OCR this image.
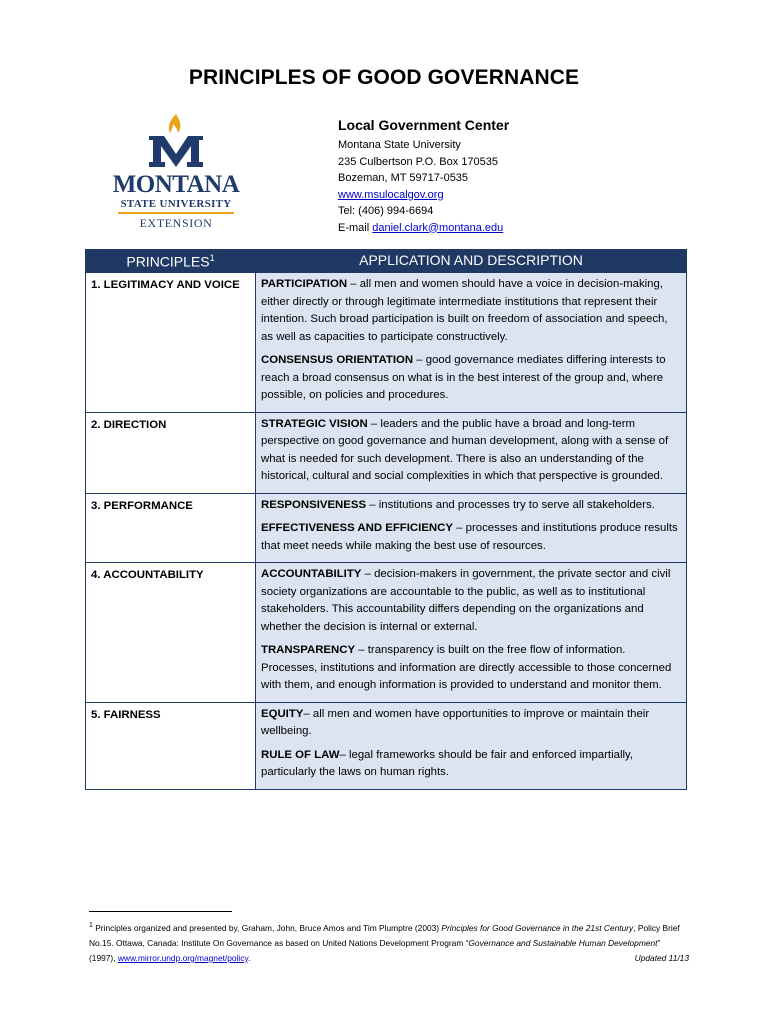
PRINCIPLES OF GOOD GOVERNANCE
MONTANA
STATE UNIVERSITY
EXTENSION
Local Government Center
Montana State University
235 Culbertson P.O. Box 170535
Bozeman, MT 59717-0535
www.msulocalgov.org
Tel: (406) 994-6694
E-mail daniel.clark@montana.edu
PRINCIPLES$^1$	APPLICATION AND DESCRIPTION
1. LEGITIMACY AND VOICE	PARTICIPATION – all men and women should have a voice in decision-making, either directly or through legitimate intermediate institutions that represent their intention. Such broad participation is built on freedom of association and speech, as well as capacities to participate constructively.
CONSENSUS ORIENTATION – good governance mediates differing interests to reach a broad consensus on what is in the best interest of the group and, where possible, on policies and procedures.

2. DIRECTION	STRATEGIC VISION – leaders and the public have a broad and long-term perspective on good governance and human development, along with a sense of what is needed for such development. There is also an understanding of the historical, cultural and social complexities in which that perspective is grounded.

3. PERFORMANCE	RESPONSIVENESS – institutions and processes try to serve all stakeholders.
EFFECTIVENESS AND EFFICIENCY – processes and institutions produce results that meet needs while making the best use of resources.

4. ACCOUNTABILITY	ACCOUNTABILITY – decision-makers in government, the private sector and civil society organizations are accountable to the public, as well as to institutional stakeholders. This accountability differs depending on the organizations and whether the decision is internal or external.
TRANSPARENCY – transparency is built on the free flow of information. Processes, institutions and information are directly accessible to those concerned with them, and enough information is provided to understand and monitor them.

5. FAIRNESS	EQUITY– all men and women have opportunities to improve or maintain their wellbeing.
RULE OF LAW– legal frameworks should be fair and enforced impartially, particularly the laws on human rights.
$^1$ Principles organized and presented by, Graham, John, Bruce Amos and Tim Plumptre (2003) Principles for Good Governance in the 21st Century, Policy Brief No.15. Ottawa, Canada: Institute On Governance as based on United Nations Development Program “Governance and Sustainable Human Development” (1997), www.mirror.undp.org/magnet/policy.	Updated 11/13
